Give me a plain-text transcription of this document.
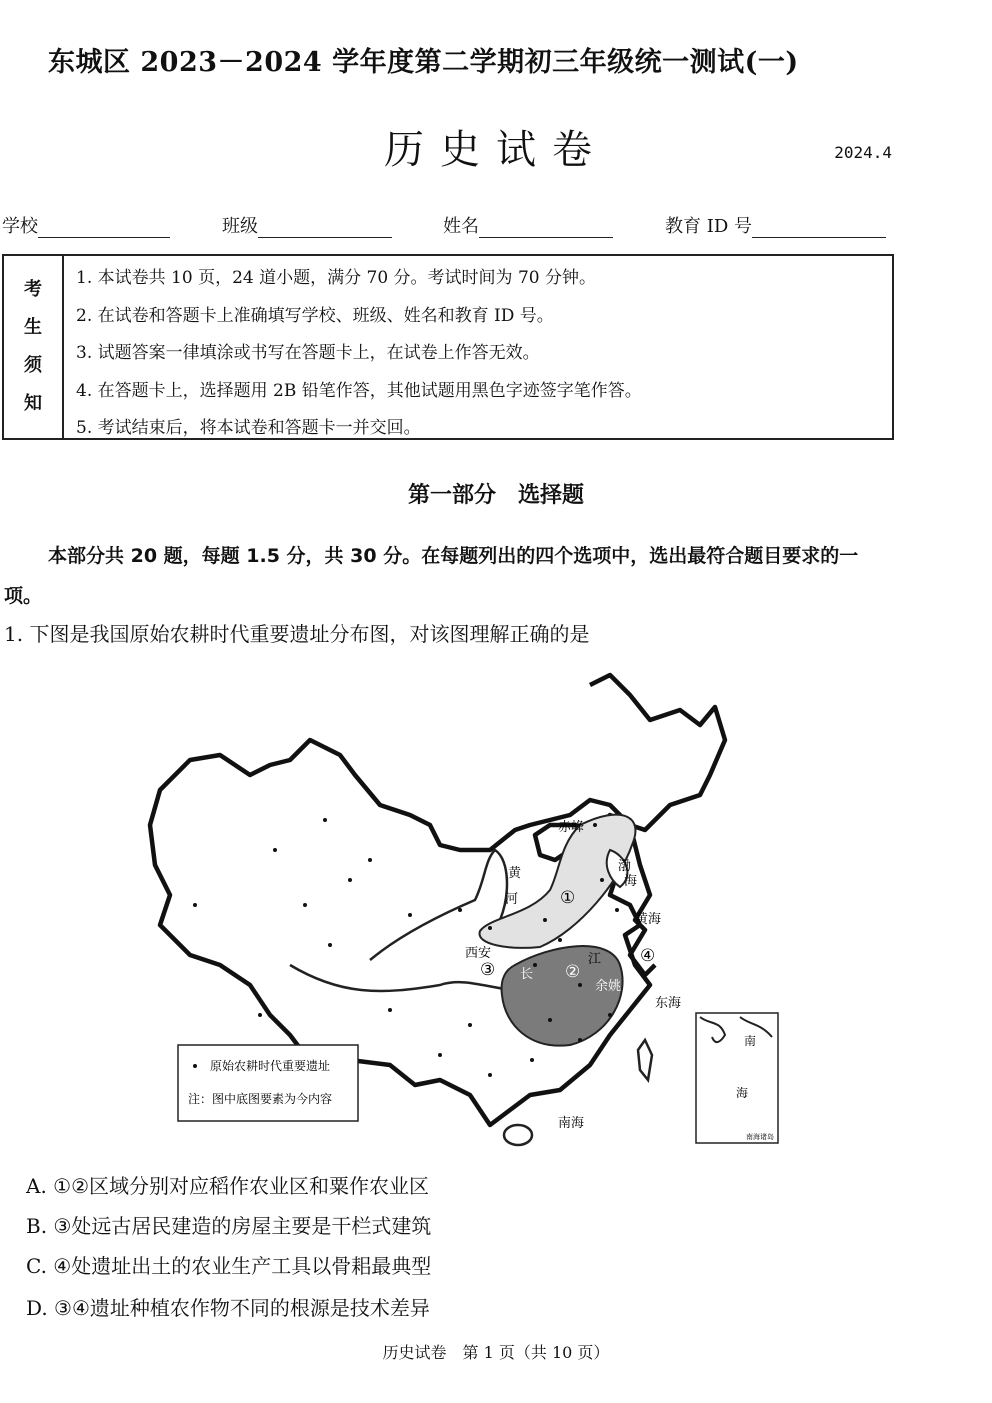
东城区 2023－2024 学年度第二学期初三年级统一测试(一)
历史试卷	2024.4
学校	班级	姓名	教育 ID 号
考
生
须
知
1. 本试卷共 10 页，24 道小题，满分 70 分。考试时间为 70 分钟。
2. 在试卷和答题卡上准确填写学校、班级、姓名和教育 ID 号。
3. 试题答案一律填涂或书写在答题卡上，在试卷上作答无效。
4. 在答题卡上，选择题用 2B 铅笔作答，其他试题用黑色字迹签字笔作答。
5. 考试结束后，将本试卷和答题卡一并交回。
第一部分　选择题
本部分共 20 题，每题 1.5 分，共 30 分。在每题列出的四个选项中，选出最符合题目要求的一项。
1. 下图是我国原始农耕时代重要遗址分布图，对该图理解正确的是
赤峰
渤
海
黄
河
黄海
西安
长
江
余姚
东海
南海
①
②
③
④
原始农耕时代重要遗址
注：图中底图要素为今内容
南
海
南海诸岛
A. ①②区域分别对应稻作农业区和粟作农业区
B. ③处远古居民建造的房屋主要是干栏式建筑
C. ④处遗址出土的农业生产工具以骨耜最典型
D. ③④遗址种植农作物不同的根源是技术差异
历史试卷　第 1 页（共 10 页）
